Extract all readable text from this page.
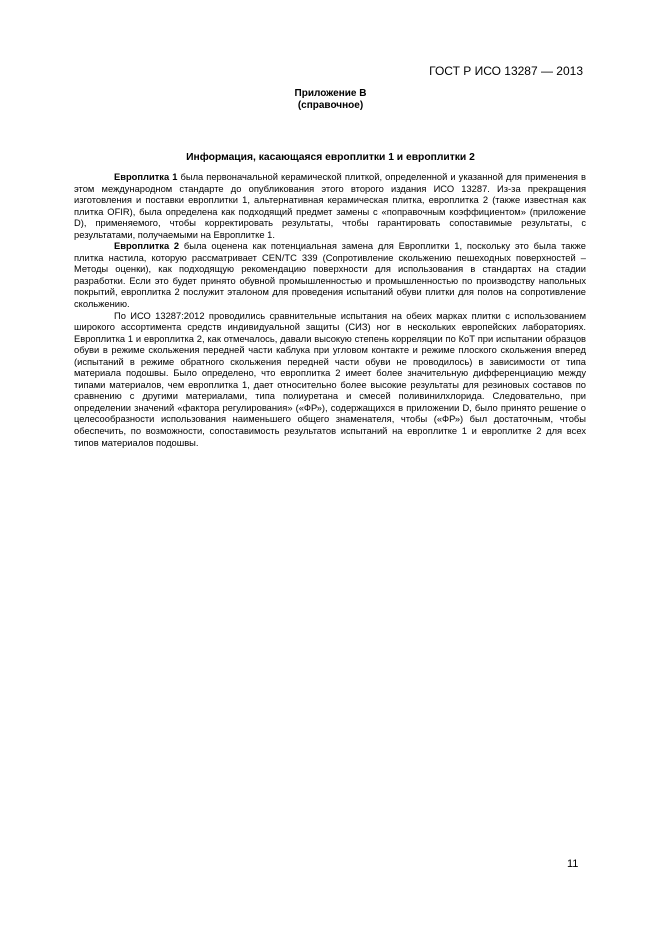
ГОСТ Р ИСО 13287 — 2013
Приложение В
(справочное)
Информация, касающаяся европлитки 1 и европлитки 2

Европлитка 1 была первоначальной керамической плиткой, определенной и указанной для применения в этом международном стандарте до опубликования этого второго издания ИСО 13287. Из-за прекращения изготовления и поставки европлитки 1, альтернативная керамическая плитка, европлитка 2 (также известная как плитка OFIR), была определена как подходящий предмет замены с «поправочным коэффициентом» (приложение D), применяемого, чтобы корректировать результаты, чтобы гарантировать сопоставимые результаты, с результатами, получаемыми на Европлитке 1.

Европлитка 2 была оценена как потенциальная замена для Европлитки 1, поскольку это была также плитка настила, которую рассматривает CEN/TC 339 (Сопротивление скольжению пешеходных поверхностей – Методы оценки), как подходящую рекомендацию поверхности для использования в стандартах на стадии разработки. Если это будет принято обувной промышленностью и промышленностью по производству напольных покрытий, европлитка 2 послужит эталоном для проведения испытаний обуви плитки для полов на сопротивление скольжению.

По ИСО 13287:2012 проводились сравнительные испытания на обеих марках плитки с использованием широкого ассортимента средств индивидуальной защиты (СИЗ) ног в нескольких европейских лабораториях. Европлитка 1 и европлитка 2, как отмечалось, давали высокую степень корреляции по КоТ при испытании образцов обуви в режиме скольжения передней части каблука при угловом контакте и режиме плоского скольжения вперед (испытаний в режиме обратного скольжения передней части обуви не проводилось) в зависимости от типа материала подошвы. Было определено, что европлитка 2 имеет более значительную дифференциацию между типами материалов, чем европлитка 1, дает относительно более высокие результаты для резиновых составов по сравнению с другими материалами, типа полиуретана и смесей поливинилхлорида. Следовательно, при определении значений «фактора регулирования» («ФР»), содержащихся в приложении D, было принято решение о целесообразности использования наименьшего общего знаменателя, чтобы («ФР») был достаточным, чтобы обеспечить, по возможности, сопоставимость результатов испытаний на европлитке 1 и европлитке 2 для всех типов материалов подошвы.

11
